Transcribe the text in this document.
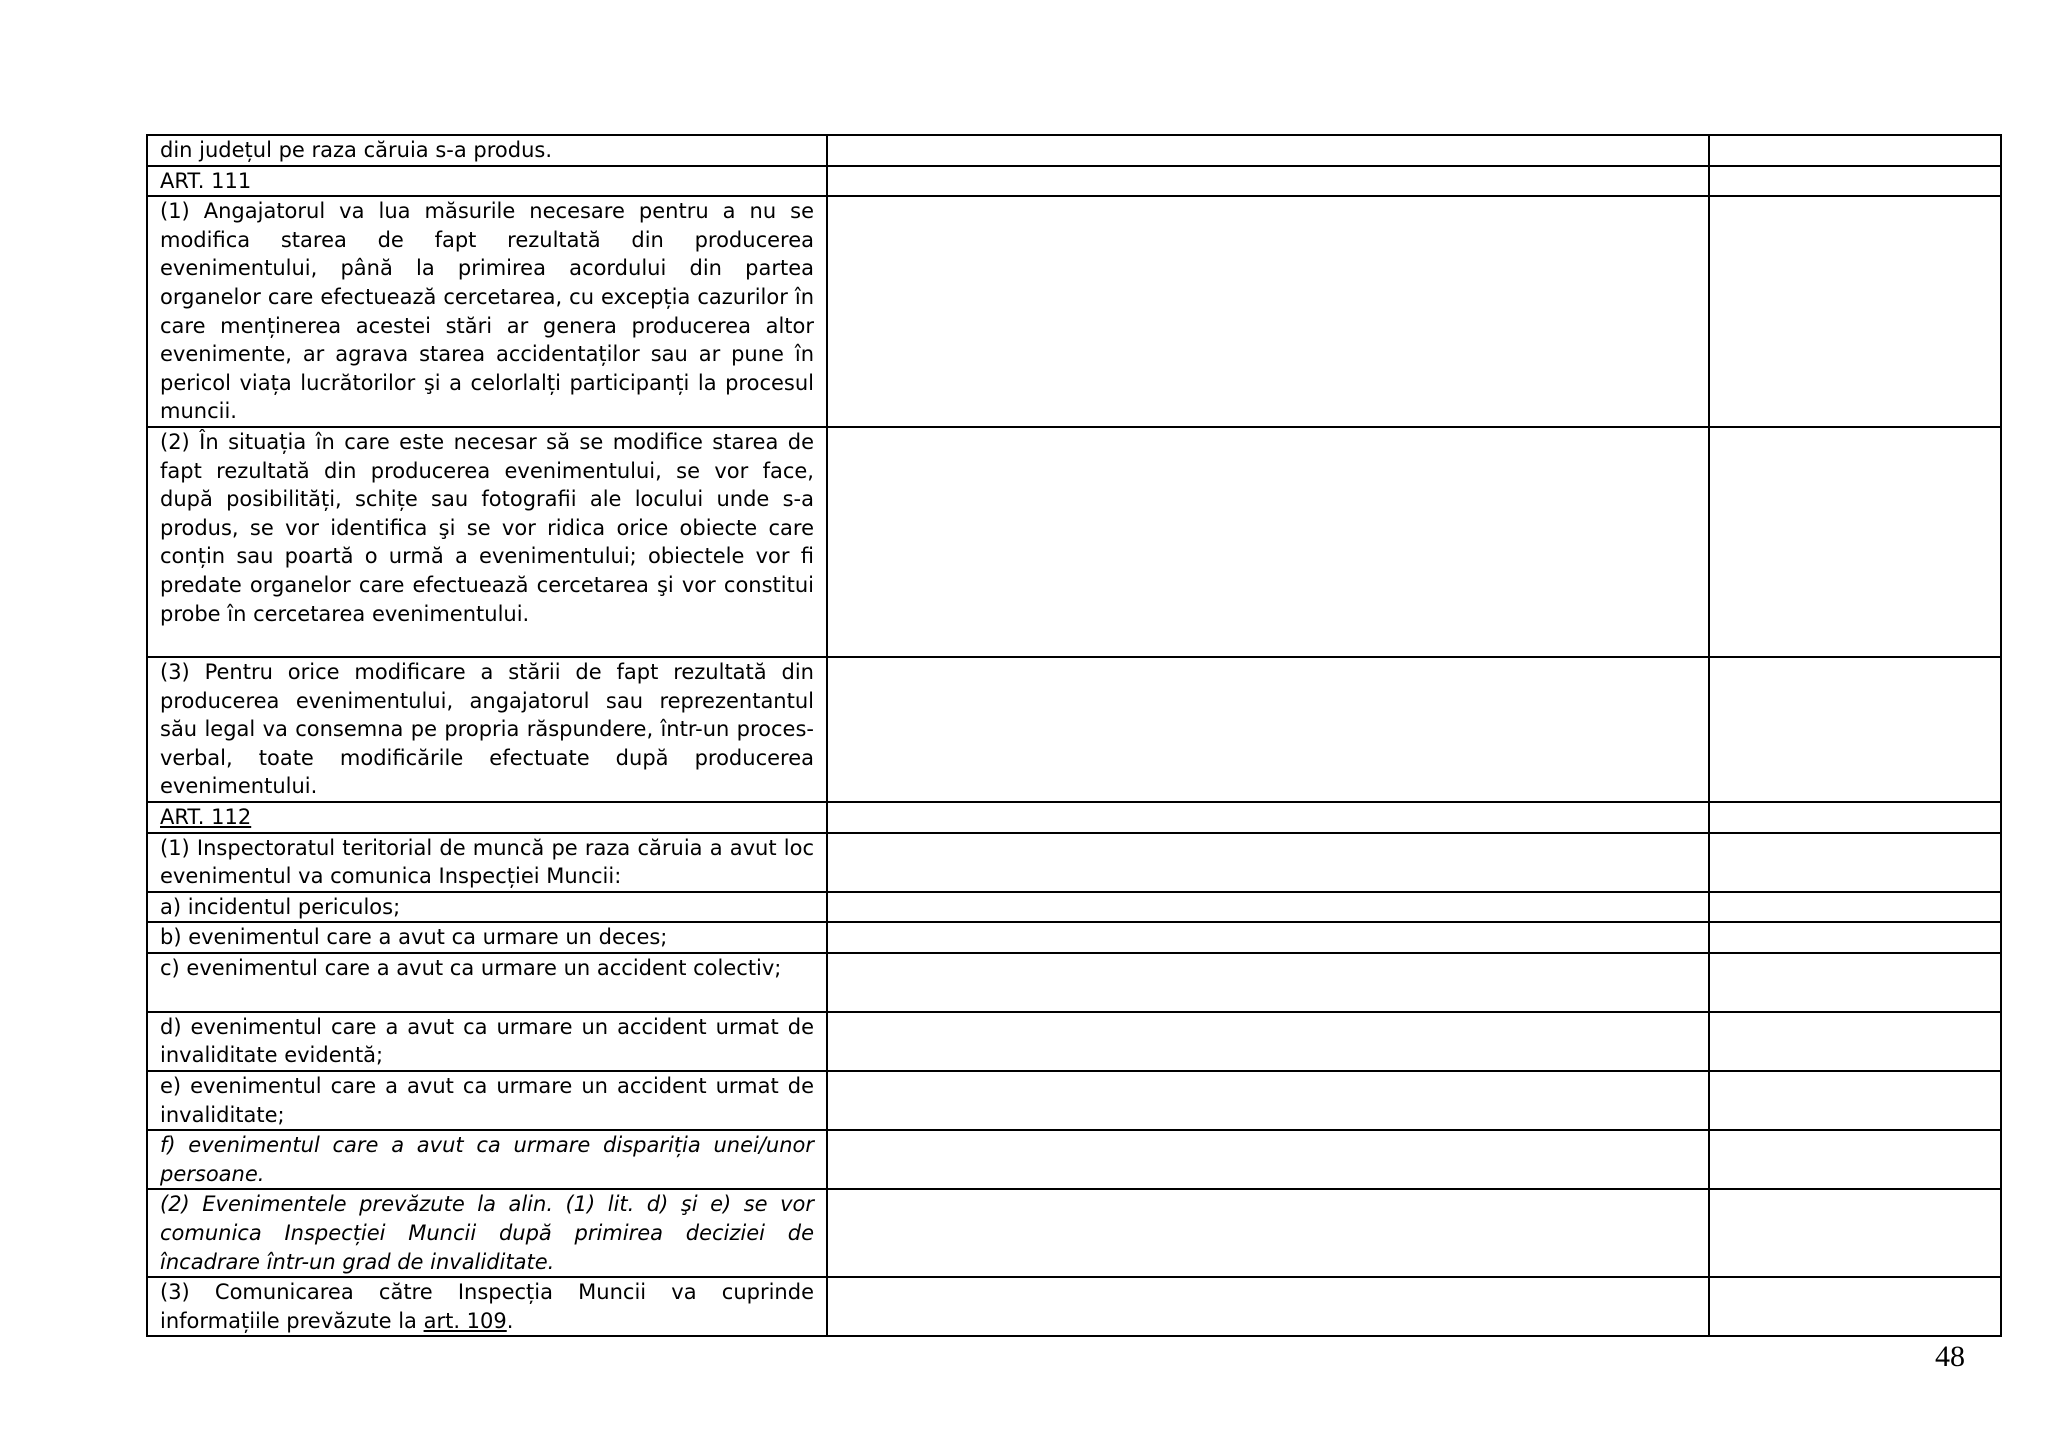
din județul pe raza căruia s-a produs.		
ART. 111		
(1) Angajatorul va lua măsurile necesare pentru a nu se modifica starea de fapt rezultată din producerea evenimentului, până la primirea acordului din partea organelor care efectuează cercetarea, cu excepția cazurilor în care menținerea acestei stări ar genera producerea altor evenimente, ar agrava starea accidentaților sau ar pune în pericol viața lucrătorilor şi a celorlalți participanți la procesul muncii.		
(2) În situația în care este necesar să se modifice starea de fapt rezultată din producerea evenimentului, se vor face, după posibilități, schițe sau fotografii ale locului unde s-a produs, se vor identifica şi se vor ridica orice obiecte care conțin sau poartă o urmă a evenimentului; obiectele vor fi predate organelor care efectuează cercetarea şi vor constitui probe în cercetarea evenimentului.		
(3) Pentru orice modificare a stării de fapt rezultată din producerea evenimentului, angajatorul sau reprezentantul său legal va consemna pe propria răspundere, într-un proces-verbal, toate modificările efectuate după producerea evenimentului.		
ART. 112		
(1) Inspectoratul teritorial de muncă pe raza căruia a avut loc evenimentul va comunica Inspecției Muncii:		
a) incidentul periculos;		
b) evenimentul care a avut ca urmare un deces;		
c) evenimentul care a avut ca urmare un accident colectiv;		
d) evenimentul care a avut ca urmare un accident urmat de invaliditate evidentă;		
e) evenimentul care a avut ca urmare un accident urmat de invaliditate;		
f) evenimentul care a avut ca urmare dispariția unei/unor persoane.		
(2) Evenimentele prevăzute la alin. (1) lit. d) şi e) se vor comunica Inspecției Muncii după primirea deciziei de încadrare într-un grad de invaliditate.		
(3) Comunicarea către Inspecția Muncii va cuprinde informațiile prevăzute la art. 109.		
48
